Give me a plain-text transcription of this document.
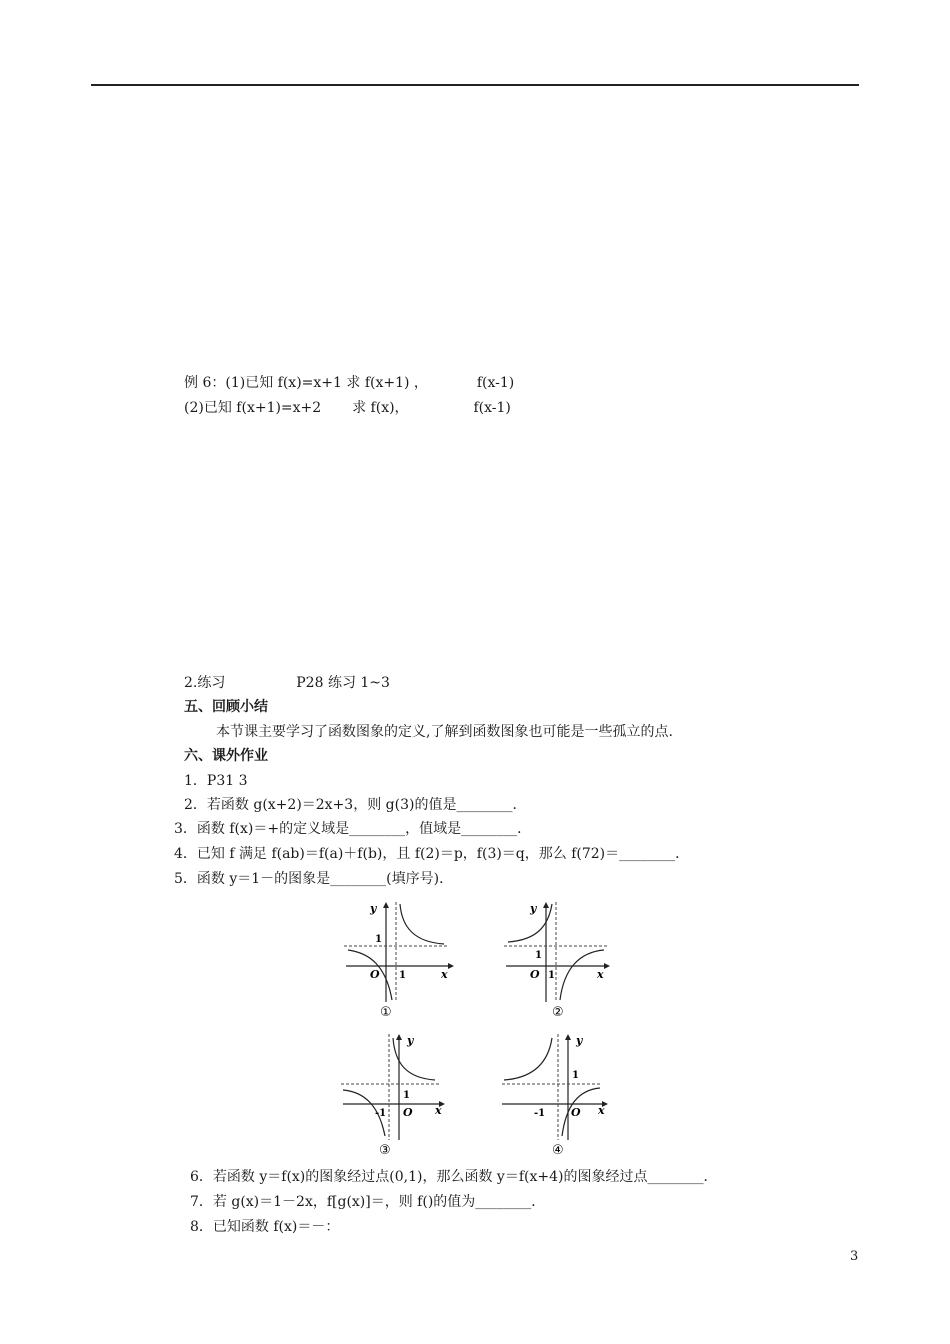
例 6：(1)已知 f(x)=x+1 求 f(x+1) ，	f(x-1)
(2)已知 f(x+1)=x+2 求 f(x)，	f(x-1)
2.练习	P28 练习 1~3
五、回顾小结
本节课主要学习了函数图象的定义,了解到函数图象也可能是一些孤立的点.
六、课外作业
1．P31 3
2．若函数 g(x+2)＝2x+3，则 g(3)的值是________．
3．函数 f(x)＝+的定义域是________，值域是________．
4．已知 f 满足 f(ab)＝f(a)＋f(b)，且 f(2)＝p，f(3)＝q，那么 f(72)＝________．
5．函数 y＝1－的图象是________(填序号)．
y
x
O 1
1
①
y
x
O 1
1
②
y
x
O
-1
1
③
y
x
O
-1
1
④
6．若函数 y＝f(x)的图象经过点(0,1)，那么函数 y＝f(x+4)的图象经过点________．
7．若 g(x)＝1－2x，f[g(x)]＝，则 f()的值为________．
8．已知函数 f(x)＝－：
3
